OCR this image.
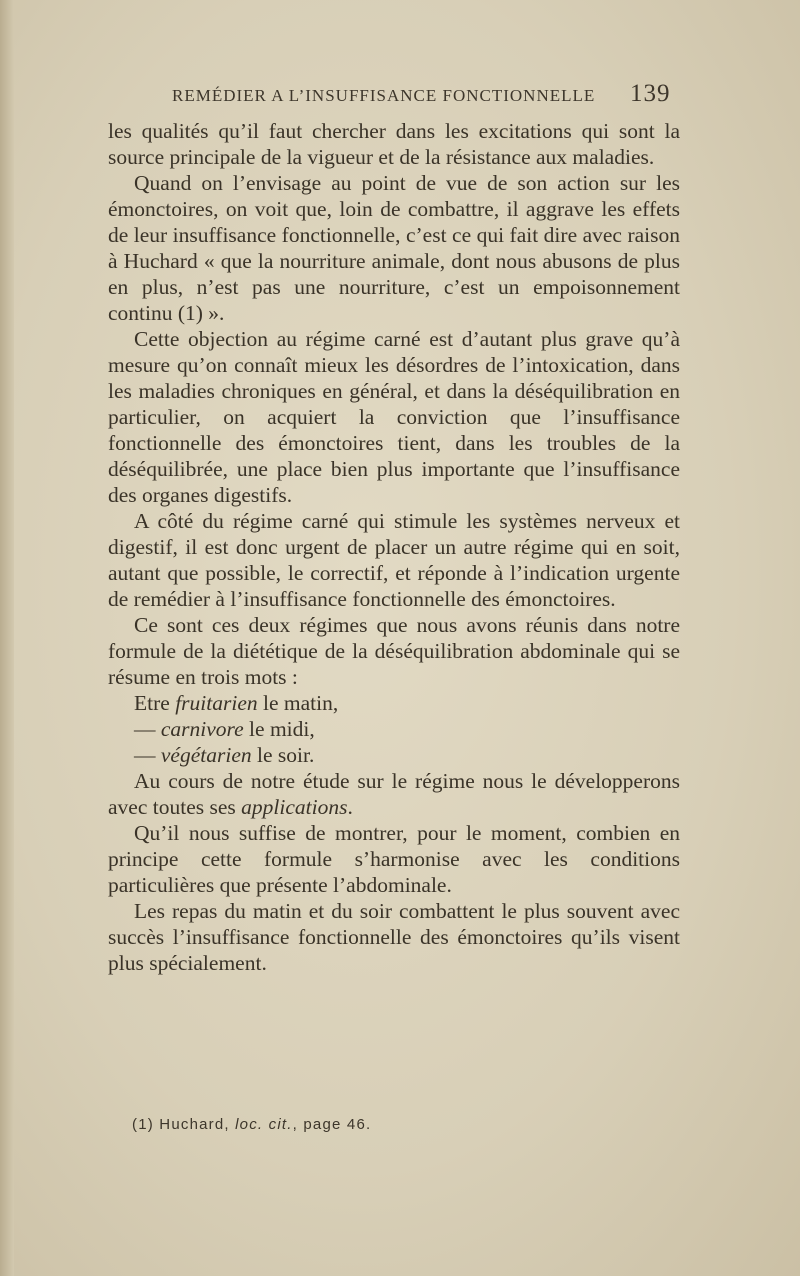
REMÉDIER A L’INSUFFISANCE FONCTIONNELLE	139

les qualités qu’il faut chercher dans les excitations qui sont la source principale de la vigueur et de la résistance aux maladies.

Quand on l’envisage au point de vue de son action sur les émonctoires, on voit que, loin de combattre, il aggrave les effets de leur insuffisance fonctionnelle, c’est ce qui fait dire avec raison à Huchard « que la nourriture animale, dont nous abusons de plus en plus, n’est pas une nourriture, c’est un empoisonnement continu (1) ».

Cette objection au régime carné est d’autant plus grave qu’à mesure qu’on connaît mieux les désordres de l’intoxication, dans les maladies chroniques en général, et dans la déséquilibration en particulier, on acquiert la conviction que l’insuffisance fonctionnelle des émonctoires tient, dans les troubles de la déséquilibrée, une place bien plus importante que l’insuffisance des organes digestifs.

A côté du régime carné qui stimule les systèmes nerveux et digestif, il est donc urgent de placer un autre régime qui en soit, autant que possible, le correctif, et réponde à l’indication urgente de remédier à l’insuffisance fonctionnelle des émonctoires.

Ce sont ces deux régimes que nous avons réunis dans notre formule de la diététique de la déséquilibration abdominale qui se résume en trois mots :

Etre fruitarien le matin,
— carnivore le midi,
— végétarien le soir.

Au cours de notre étude sur le régime nous le développerons avec toutes ses applications.

Qu’il nous suffise de montrer, pour le moment, combien en principe cette formule s’harmonise avec les conditions particulières que présente l’abdominale.

Les repas du matin et du soir combattent le plus souvent avec succès l’insuffisance fonctionnelle des émonctoires qu’ils visent plus spécialement.

(1) Huchard, loc. cit., page 46.
